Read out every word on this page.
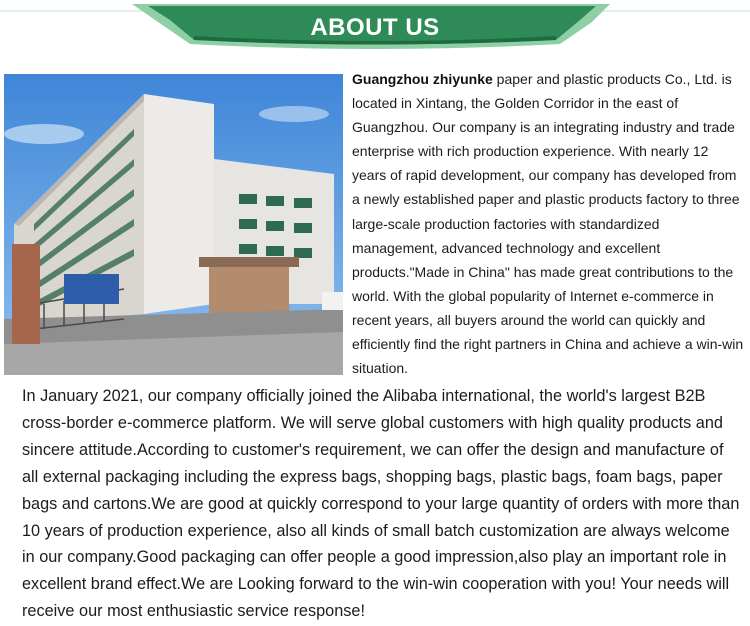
ABOUT US
Guangzhou zhiyunke paper and plastic products Co., Ltd. is located in Xintang, the Golden Corridor in the east of Guangzhou. Our company is an integrating industry and trade enterprise with rich production experience. With nearly 12 years of rapid development, our company has developed from a newly established paper and plastic products factory to three large-scale production factories with standardized management, advanced technology and excellent products."Made in China" has made great contributions to the world. With the global popularity of Internet e-commerce in recent years, all buyers around the world can quickly and efficiently find the right partners in China and achieve a win-win situation.
In January 2021, our company officially joined the Alibaba international, the world's largest B2B cross-border e-commerce platform. We will serve global customers with high quality products and sincere attitude.According to customer's requirement, we can offer the design and manufacture of all external packaging including the express bags, shopping bags, plastic bags, foam bags, paper bags and cartons.We are good at quickly correspond to your large quantity of orders with more than 10 years of production experience, also all kinds of small batch customization are always welcome in our company.Good packaging can offer people a good impression,also play an important role in excellent brand effect.We are Looking forward to the win-win cooperation with you! Your needs will receive our most enthusiastic service response!
